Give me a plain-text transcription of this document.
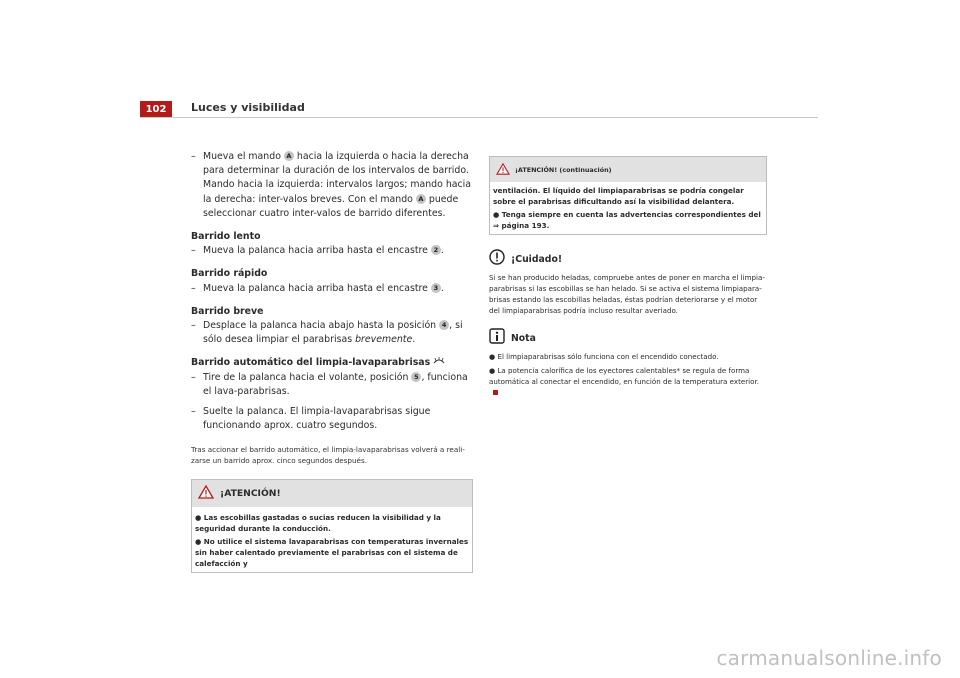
102	Luces y visibilidad

– Mueva el mando A hacia la izquierda o hacia la derecha para determinar la duración de los intervalos de barrido. Mando hacia la izquierda: intervalos largos; mando hacia la derecha: inter-valos breves. Con el mando A puede seleccionar cuatro inter-valos de barrido diferentes.

Barrido lento

– Mueva la palanca hacia arriba hasta el encastre 2 .

Barrido rápido

– Mueva la palanca hacia arriba hasta el encastre 3 .

Barrido breve

– Desplace la palanca hacia abajo hasta la posición 4 , si sólo desea limpiar el parabrisas brevemente.

Barrido automático del limpia-lavaparabrisas

– Tire de la palanca hacia el volante, posición 5 , funciona el lava-parabrisas.

– Suelte la palanca. El limpia-lavaparabrisas sigue funcionando aprox. cuatro segundos.

Tras accionar el barrido automático, el limpia-lavaparabrisas volverá a reali-zarse un barrido aprox. cinco segundos después.

¡ATENCIÓN!

● Las escobillas gastadas o sucias reducen la visibilidad y la seguridad durante la conducción.

● No utilice el sistema lavaparabrisas con temperaturas invernales sin haber calentado previamente el parabrisas con el sistema de calefacción y

¡ATENCIÓN! (continuación)

ventilación. El líquido del limpiaparabrisas se podría congelar sobre el parabrisas dificultando así la visibilidad delantera.

● Tenga siempre en cuenta las advertencias correspondientes del

⇒ página 193.

¡Cuidado!

Si se han producido heladas, compruebe antes de poner en marcha el limpia-parabrisas si las escobillas se han helado. Si se activa el sistema limpiapara-brisas estando las escobillas heladas, éstas podrían deteriorarse y el motor del limpiaparabrisas podría incluso resultar averiado.

Nota

● El limpiaparabrisas sólo funciona con el encendido conectado.

● La potencia calorífica de los eyectores calentables* se regula de forma automática al conectar el encendido, en función de la temperatura exterior.

carmanualsonline.info
